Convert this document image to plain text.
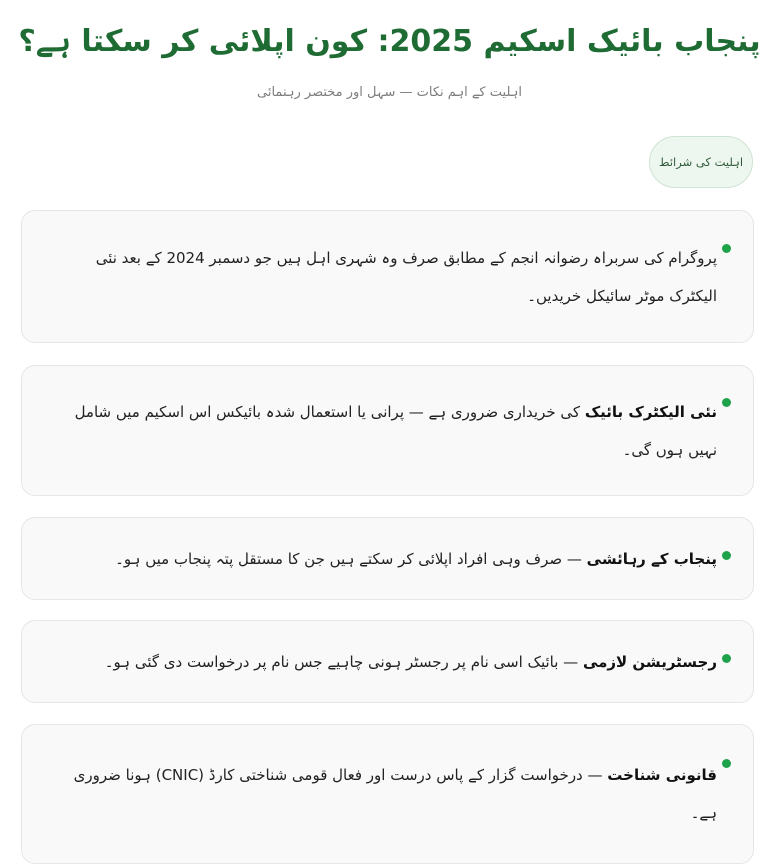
پنجاب بائیک اسکیم 2025: کون اپلائی کر سکتا ہے؟

اہلیت کے اہم نکات — سہل اور مختصر رہنمائی

اہلیت کی شرائط
پروگرام کی سربراہ رضوانہ انجم کے مطابق صرف وہ شہری اہل ہیں جو دسمبر 2024 کے بعد نئی الیکٹرک موٹر سائیکل خریدیں۔
نئی الیکٹرک بائیک کی خریداری ضروری ہے — پرانی یا استعمال شدہ بائیکس اس اسکیم میں شامل نہیں ہوں گی۔
پنجاب کے رہائشی — صرف وہی افراد اپلائی کر سکتے ہیں جن کا مستقل پتہ پنجاب میں ہو۔
رجسٹریشن لازمی — بائیک اسی نام پر رجسٹر ہونی چاہیے جس نام پر درخواست دی گئی ہو۔
قانونی شناخت — درخواست گزار کے پاس درست اور فعال قومی شناختی کارڈ (CNIC) ہونا ضروری ہے۔
